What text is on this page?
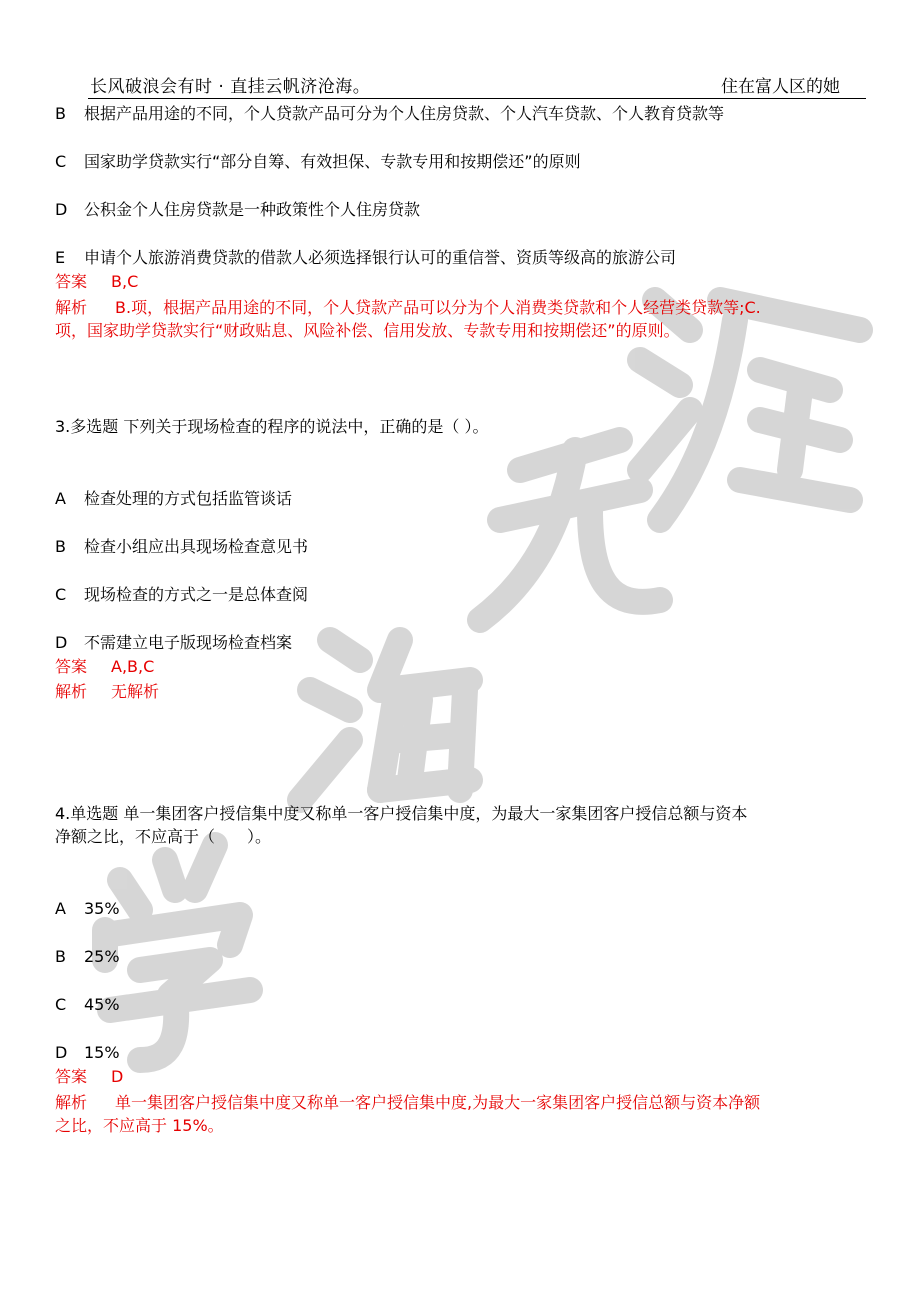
长风破浪会有时 · 直挂云帆济沧海。	住在富人区的她
B 根据产品用途的不同，个人贷款产品可分为个人住房贷款、个人汽车贷款、个人教育贷款等
C 国家助学贷款实行“部分自筹、有效担保、专款专用和按期偿还”的原则
D 公积金个人住房贷款是一种政策性个人住房贷款
E 申请个人旅游消费贷款的借款人必须选择银行认可的重信誉、资质等级高的旅游公司
答案 B,C
解析 B.项，根据产品用途的不同，个人贷款产品可以分为个人消费类贷款和个人经营类贷款等;C.
项，国家助学贷款实行“财政贴息、风险补偿、信用发放、专款专用和按期偿还”的原则。
3.多选题 下列关于现场检查的程序的说法中，正确的是（ ）。
A 检查处理的方式包括监管谈话
B 检查小组应出具现场检查意见书
C 现场检查的方式之一是总体查阅
D 不需建立电子版现场检查档案
答案 A,B,C
解析 无解析
4.单选题 单一集团客户授信集中度又称单一客户授信集中度，为最大一家集团客户授信总额与资本
净额之比，不应高于（　　）。
A 35%
B 25%
C 45%
D 15%
答案 D
解析 单一集团客户授信集中度又称单一客户授信集中度,为最大一家集团客户授信总额与资本净额
之比，不应高于 15%。
